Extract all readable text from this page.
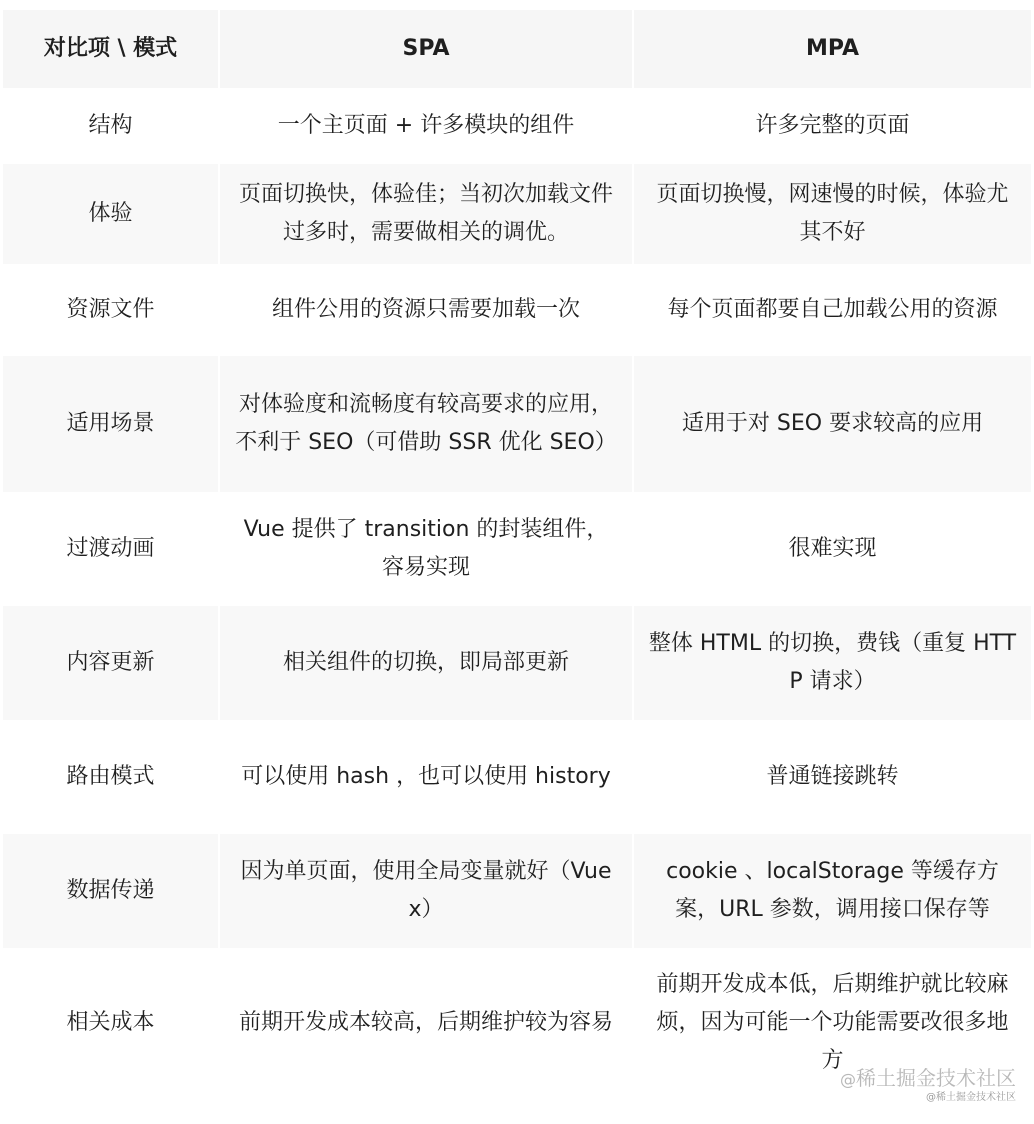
对比项 \ 模式	SPA	MPA
结构	一个主页面 + 许多模块的组件	许多完整的页面
体验	页面切换快，体验佳；当初次加载文件过多时，需要做相关的调优。	页面切换慢，网速慢的时候，体验尤其不好
资源文件	组件公用的资源只需要加载一次	每个页面都要自己加载公用的资源
适用场景	对体验度和流畅度有较高要求的应用，不利于 SEO（可借助 SSR 优化 SEO）	适用于对 SEO 要求较高的应用
过渡动画	Vue 提供了 transition 的封装组件，容易实现	很难实现
内容更新	相关组件的切换，即局部更新	整体 HTML 的切换，费钱（重复 HTTP 请求）
路由模式	可以使用 hash ，也可以使用 history	普通链接跳转
数据传递	因为单页面，使用全局变量就好（Vuex）	cookie 、localStorage 等缓存方案，URL 参数，调用接口保存等
相关成本	前期开发成本较高，后期维护较为容易	前期开发成本低，后期维护就比较麻烦，因为可能一个功能需要改很多地方
@稀土掘金技术社区
@稀土掘金技术社区
